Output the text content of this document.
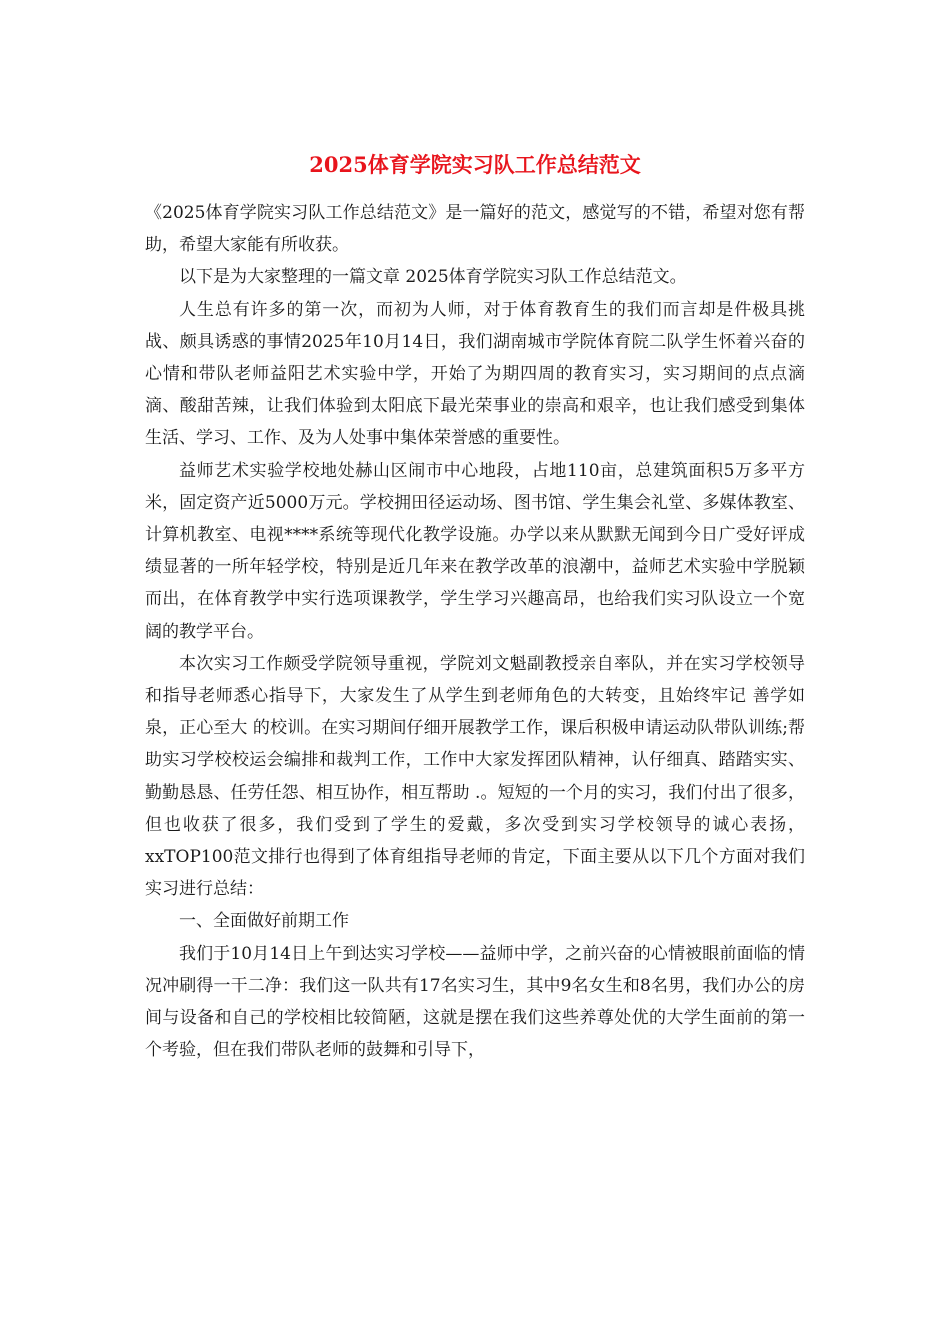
2025体育学院实习队工作总结范文

《2025体育学院实习队工作总结范文》是一篇好的范文，感觉写的不错，希望对您有帮助，希望大家能有所收获。

以下是为大家整理的一篇文章 2025体育学院实习队工作总结范文。

人生总有许多的第一次，而初为人师，对于体育教育生的我们而言却是件极具挑战、颇具诱惑的事情2025年10月14日，我们湖南城市学院体育院二队学生怀着兴奋的心情和带队老师益阳艺术实验中学，开始了为期四周的教育实习，实习期间的点点滴滴、酸甜苦辣，让我们体验到太阳底下最光荣事业的崇高和艰辛，也让我们感受到集体生活、学习、工作、及为人处事中集体荣誉感的重要性。

益师艺术实验学校地处赫山区闹市中心地段，占地110亩，总建筑面积5万多平方米，固定资产近5000万元。学校拥田径运动场、图书馆、学生集会礼堂、多媒体教室、计算机教室、电视****系统等现代化教学设施。办学以来从默默无闻到今日广受好评成绩显著的一所年轻学校，特别是近几年来在教学改革的浪潮中，益师艺术实验中学脱颖而出，在体育教学中实行选项课教学，学生学习兴趣高昂，也给我们实习队设立一个宽阔的教学平台。

本次实习工作颇受学院领导重视，学院刘文魁副教授亲自率队，并在实习学校领导和指导老师悉心指导下，大家发生了从学生到老师角色的大转变，且始终牢记 善学如泉，正心至大 的校训。在实习期间仔细开展教学工作，课后积极申请运动队带队训练;帮助实习学校校运会编排和裁判工作，工作中大家发挥团队精神，认仔细真、踏踏实实、勤勤恳恳、任劳任怨、相互协作，相互帮助 .。短短的一个月的实习，我们付出了很多，但也收获了很多，我们受到了学生的爱戴，多次受到实习学校领导的诚心表扬，xxTOP100范文排行也得到了体育组指导老师的肯定，下面主要从以下几个方面对我们实习进行总结：

一、全面做好前期工作

我们于10月14日上午到达实习学校——益师中学，之前兴奋的心情被眼前面临的情况冲刷得一干二净：我们这一队共有17名实习生，其中9名女生和8名男，我们办公的房间与设备和自己的学校相比较简陋，这就是摆在我们这些养尊处优的大学生面前的第一个考验，但在我们带队老师的鼓舞和引导下，
